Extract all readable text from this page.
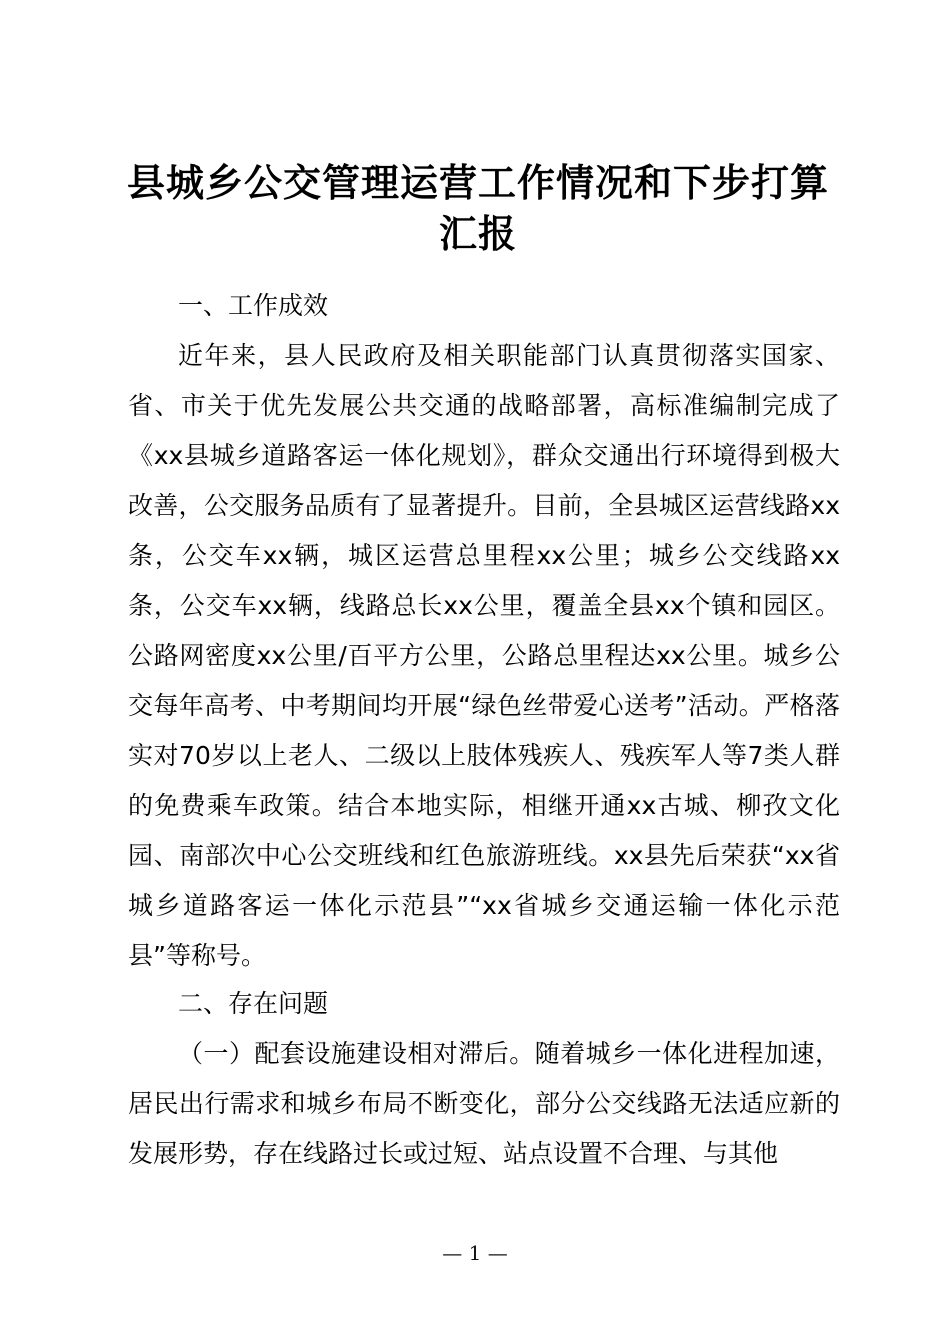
县城乡公交管理运营工作情况和下步打算汇报

一、工作成效

近年来，县人民政府及相关职能部门认真贯彻落实国家、省、市关于优先发展公共交通的战略部署，高标准编制完成了《xx县城乡道路客运一体化规划》，群众交通出行环境得到极大改善，公交服务品质有了显著提升。目前，全县城区运营线路xx条，公交车xx辆，城区运营总里程xx公里；城乡公交线路xx条，公交车xx辆，线路总长xx公里，覆盖全县xx个镇和园区。公路网密度xx公里/百平方公里，公路总里程达xx公里。城乡公交每年高考、中考期间均开展“绿色丝带爱心送考”活动。严格落实对70岁以上老人、二级以上肢体残疾人、残疾军人等7类人群的免费乘车政策。结合本地实际，相继开通xx古城、柳孜文化园、南部次中心公交班线和红色旅游班线。xx县先后荣获“xx省城乡道路客运一体化示范县”“xx省城乡交通运输一体化示范县”等称号。

二、存在问题

（一）配套设施建设相对滞后。随着城乡一体化进程加速，居民出行需求和城乡布局不断变化，部分公交线路无法适应新的发展形势，存在线路过长或过短、站点设置不合理、与其他

— 1 —
